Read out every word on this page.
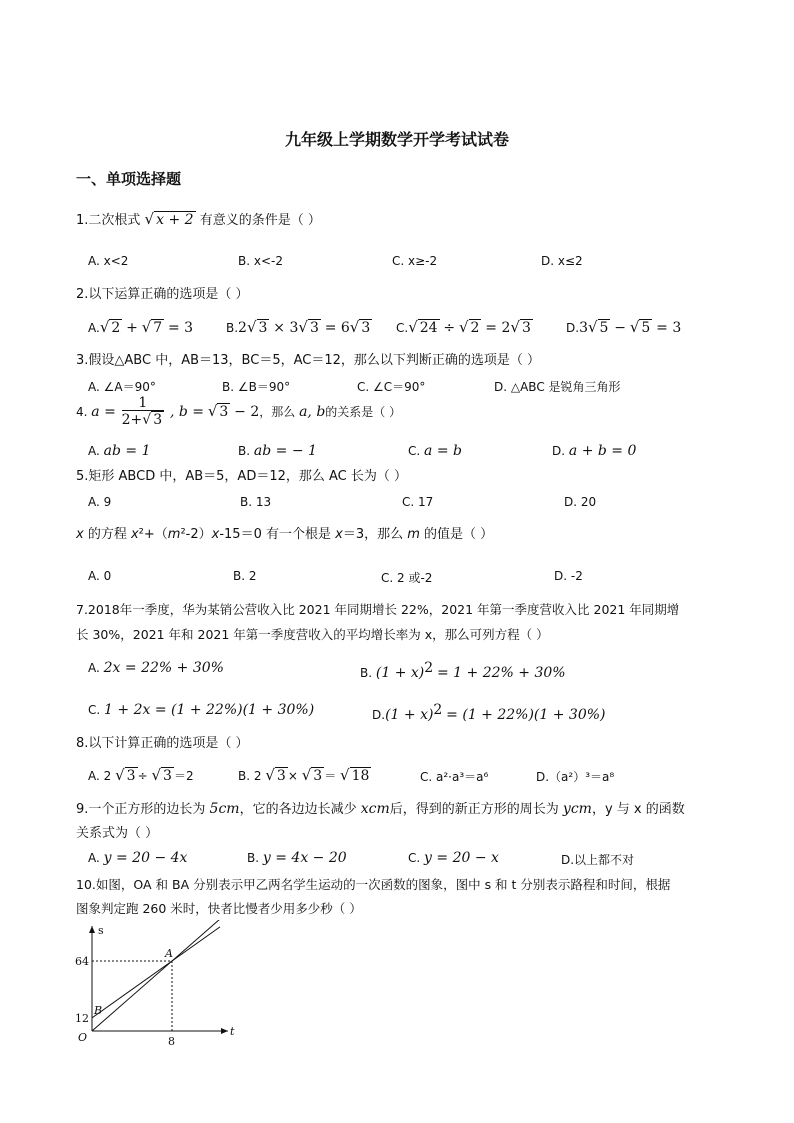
九年级上学期数学开学考试试卷
一、单项选择题
1.二次根式 √ x + 2 有意义的条件是（ ）
A. x<2	B. x<-2	C. x≥-2	D. x≤2
2.以下运算正确的选项是（ ）
A.√ 2 + √ 7 = 3	B.2√ 3 × 3√ 3 = 6√ 3 C.√ 24 ÷ √ 2 = 2√ 3	D.3√ 5 − √ 5 = 3
3.假设△ABC 中，AB＝13，BC＝5，AC＝12，那么以下判断正确的选项是（ ）
A. ∠A＝90°	B. ∠B＝90°	C. ∠C＝90°	D. △ABC 是锐角三角形
4. $a = \frac{1}{2+√ 3}$ , b = √ 3 − 2，那么 a, b的关系是（ ）
A. ab = 1	B. ab = − 1	C. a = b	D. a + b = 0
5.矩形 ABCD 中，AB＝5，AD＝12，那么 AC 长为（ ）
A. 9	B. 13	C. 17	D. 20
x 的方程 x²+（m²-2）x-15＝0 有一个根是 x＝3，那么 m 的值是（ ）
A. 0	B. 2	C. 2 或-2	D. -2
7.2018年一季度，华为某销公营收入比 2021 年同期增长 22%，2021 年第一季度营收入比 2021 年同期增
长 30%，2021 年和 2021 年第一季度营收入的平均增长率为 x，那么可列方程（ ）
A. 2x = 22% + 30%	B. $(1 + x)^2 = 1 + 22\% + 30\%$
C. 1 + 2x = (1 + 22%)(1 + 30%)	$D.(1 + x)^2 = (1 + 22\%)(1 + 30\%)$
8.以下计算正确的选项是（ ）
A. 2 √ 3 ÷ √ 3 ＝2	B. 2 √ 3 × √ 3 ＝ √ 18	C. a²·a³＝a⁶	D.（a²）³＝a⁸
9.一个正方形的边长为 5cm，它的各边边长减少 xcm后，得到的新正方形的周长为 ycm，y 与 x 的函数
关系式为（ ）
A. y = 20 − 4x	B. y = 4x − 20	C. y = 20 − x	D.以上都不对
10.如图，OA 和 BA 分别表示甲乙两名学生运动的一次函数的图象，图中 s 和 t 分别表示路程和时间，根据
图象判定跑 260 米时，快者比慢者少用多少秒（ ）
t
s
O	8
64
12
A
B
